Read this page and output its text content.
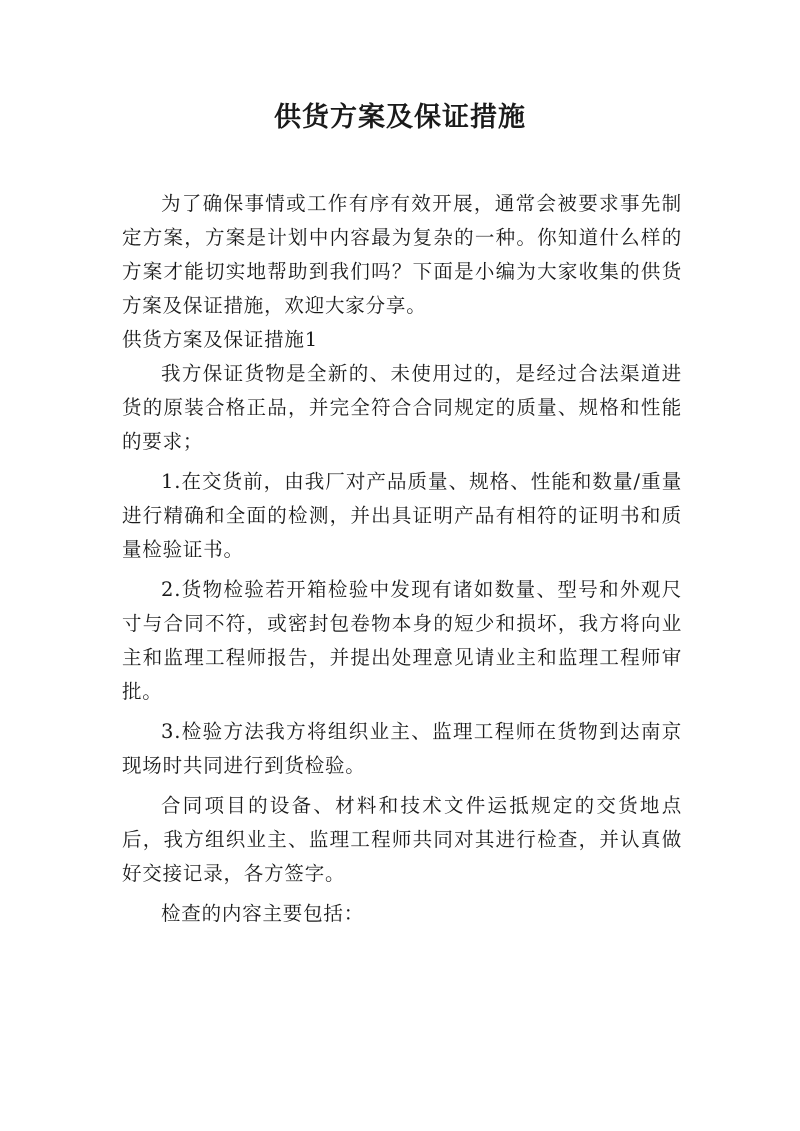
供货方案及保证措施

为了确保事情或工作有序有效开展，通常会被要求事先制定方案，方案是计划中内容最为复杂的一种。你知道什么样的方案才能切实地帮助到我们吗？下面是小编为大家收集的供货方案及保证措施，欢迎大家分享。

供货方案及保证措施1

我方保证货物是全新的、未使用过的，是经过合法渠道进货的原装合格正品，并完全符合合同规定的质量、规格和性能的要求；

1.在交货前，由我厂对产品质量、规格、性能和数量/重量进行精确和全面的检测，并出具证明产品有相符的证明书和质量检验证书。

2.货物检验若开箱检验中发现有诸如数量、型号和外观尺寸与合同不符，或密封包卷物本身的短少和损坏，我方将向业主和监理工程师报告，并提出处理意见请业主和监理工程师审批。

3.检验方法我方将组织业主、监理工程师在货物到达南京现场时共同进行到货检验。

合同项目的设备、材料和技术文件运抵规定的交货地点后，我方组织业主、监理工程师共同对其进行检查，并认真做好交接记录，各方签字。

检查的内容主要包括：
